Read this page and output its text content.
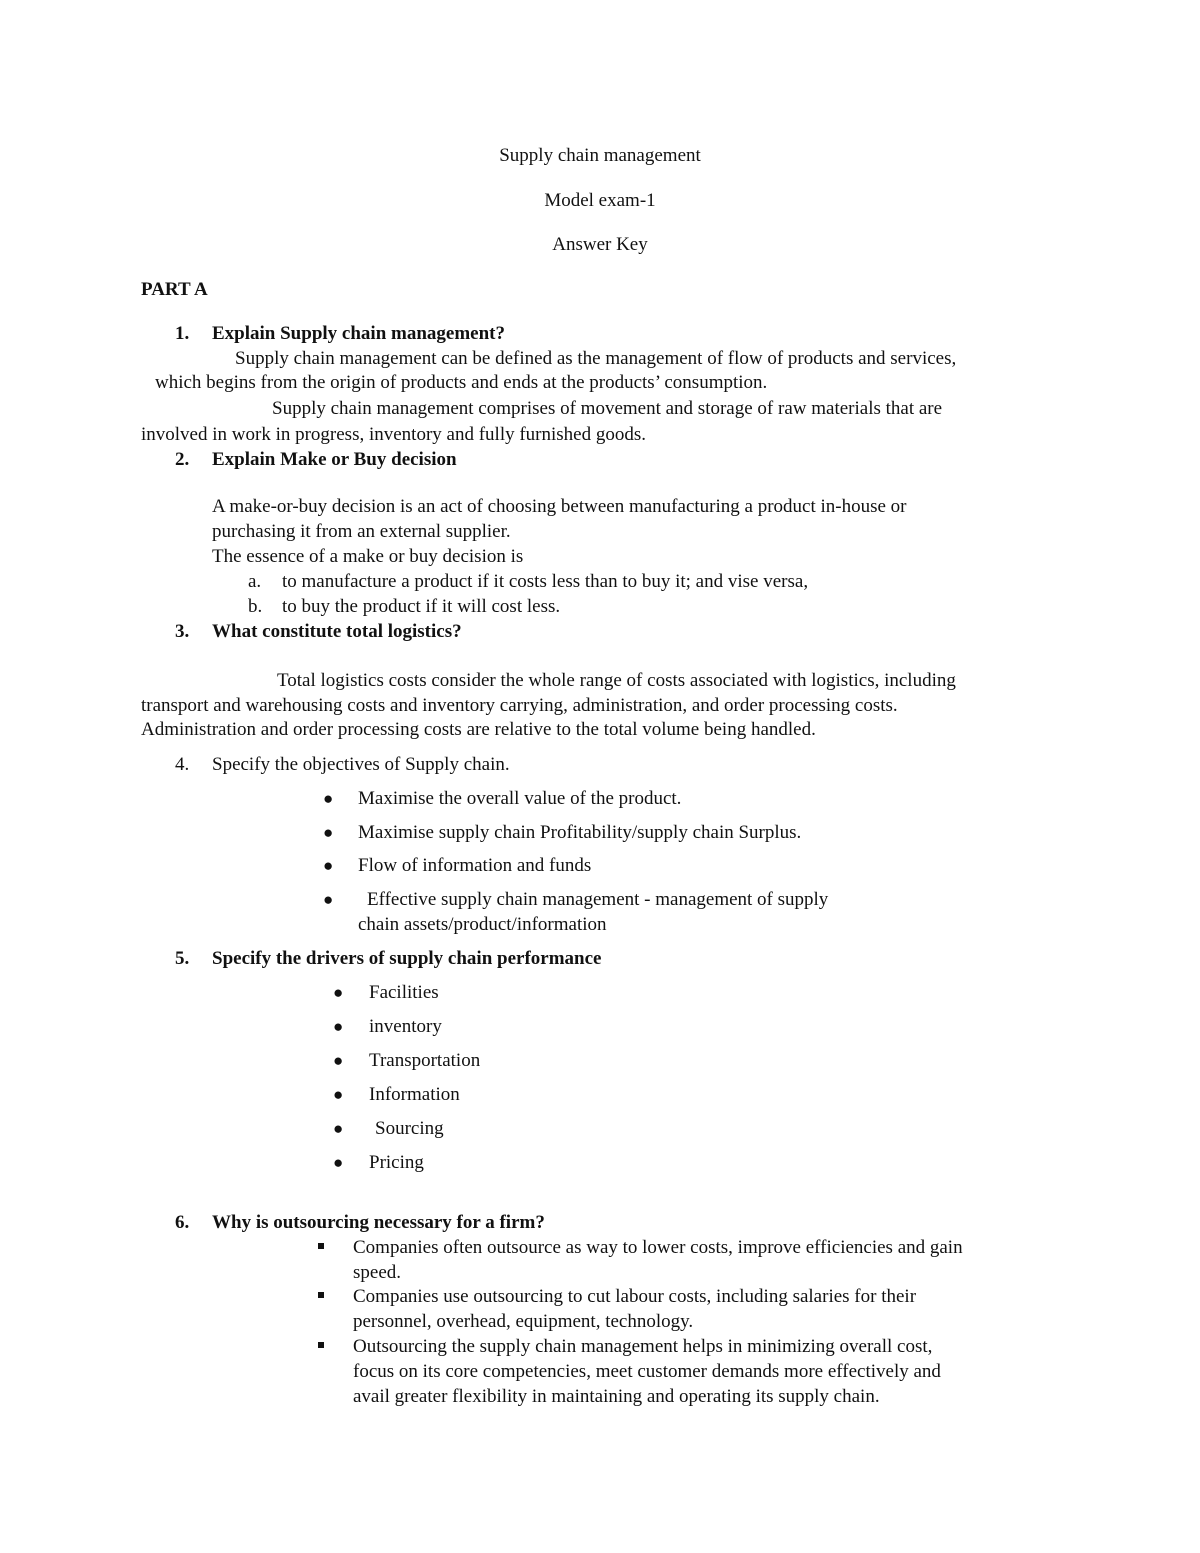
Supply chain management
Model exam-1
Answer Key
PART A
1. Explain Supply chain management?
Supply chain management can be defined as the management of flow of products and services,
which begins from the origin of products and ends at the products’ consumption.
Supply chain management comprises of movement and storage of raw materials that are
involved in work in progress, inventory and fully furnished goods.
2. Explain Make or Buy decision
A make-or-buy decision is an act of choosing between manufacturing a product in-house or
purchasing it from an external supplier.
The essence of a make or buy decision is
a. to manufacture a product if it costs less than to buy it; and vise versa,
b. to buy the product if it will cost less.
3. What constitute total logistics?
Total logistics costs consider the whole range of costs associated with logistics, including
transport and warehousing costs and inventory carrying, administration, and order processing costs.
Administration and order processing costs are relative to the total volume being handled.
4. Specify the objectives of Supply chain.
● Maximise the overall value of the product.
● Maximise supply chain Profitability/supply chain Surplus.
● Flow of information and funds
● Effective supply chain management - management of supply
chain assets/product/information
5. Specify the drivers of supply chain performance
● Facilities
● inventory
● Transportation
● Information
● Sourcing
● Pricing
6. Why is outsourcing necessary for a firm?
Companies often outsource as way to lower costs, improve efficiencies and gain
speed.
Companies use outsourcing to cut labour costs, including salaries for their
personnel, overhead, equipment, technology.
Outsourcing the supply chain management helps in minimizing overall cost,
focus on its core competencies, meet customer demands more effectively and
avail greater flexibility in maintaining and operating its supply chain.
